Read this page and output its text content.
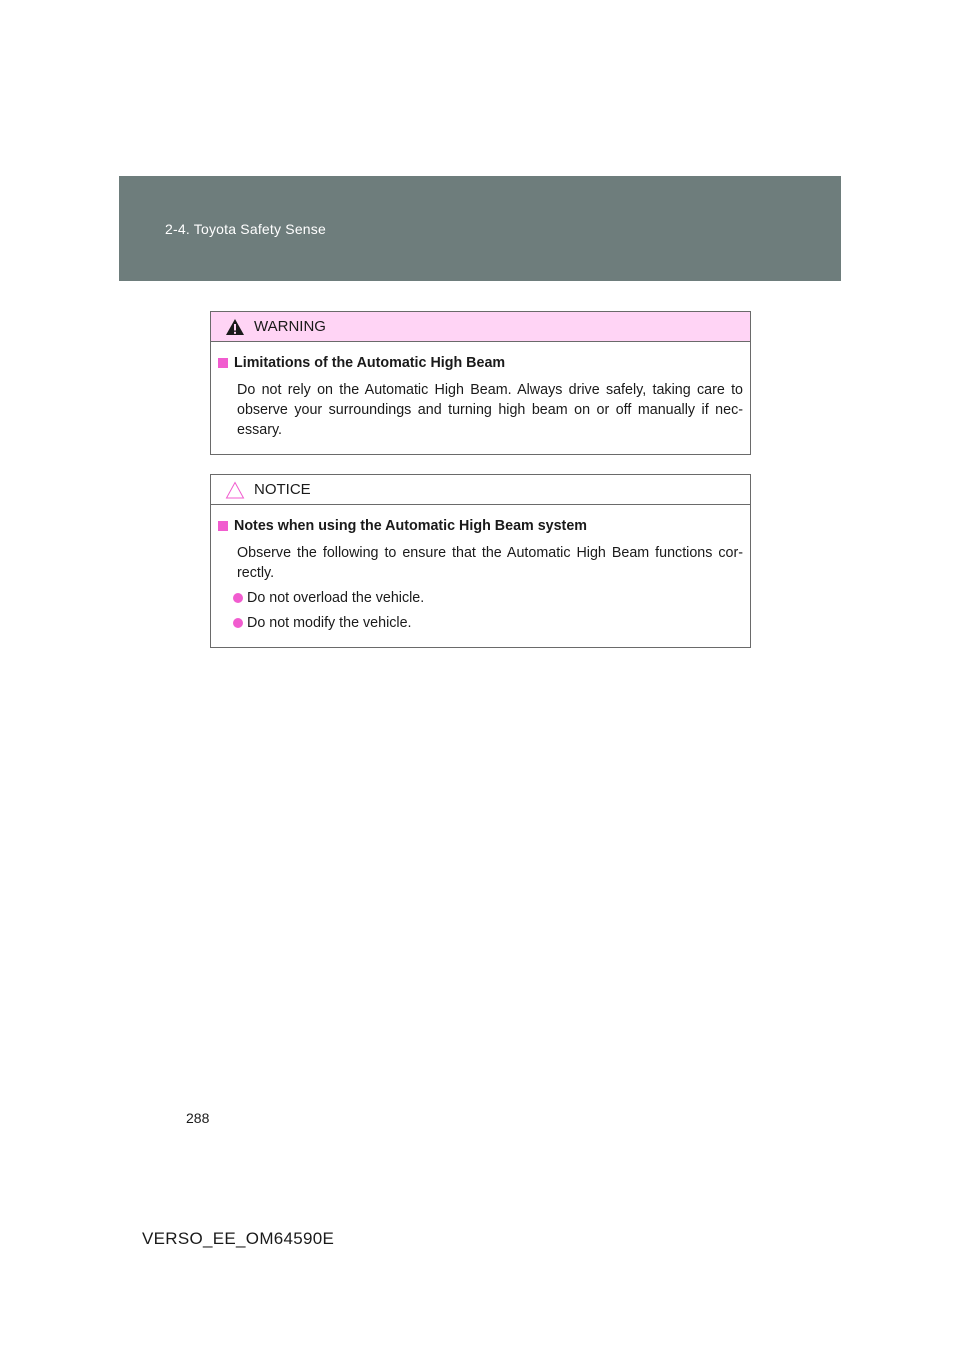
2-4. Toyota Safety Sense
WARNING
Limitations of the Automatic High Beam
Do not rely on the Automatic High Beam. Always drive safely, taking care to observe your surroundings and turning high beam on or off manually if nec-essary.
NOTICE
Notes when using the Automatic High Beam system
Observe the following to ensure that the Automatic High Beam functions cor-rectly.
Do not overload the vehicle.
Do not modify the vehicle.
288
VERSO_EE_OM64590E
